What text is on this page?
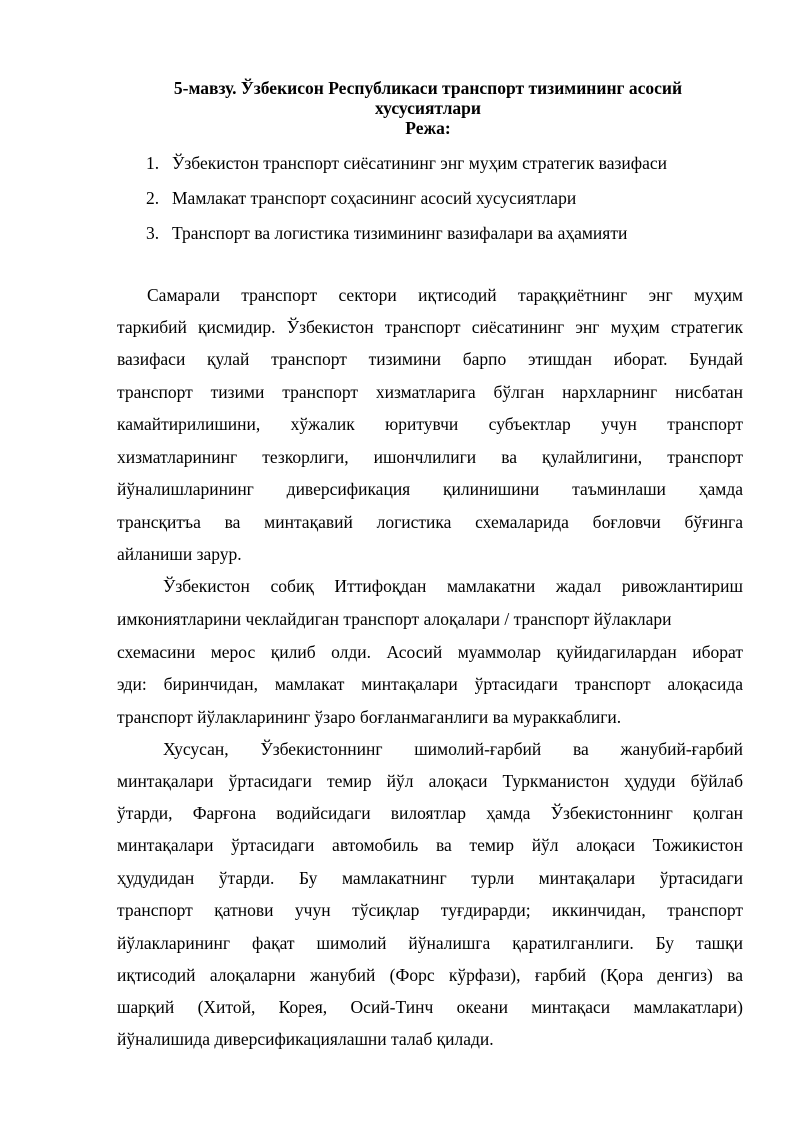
5-мавзу. Ўзбекисон Республикаси транспорт тизимининг асосий
хусусиятлари
Режа:
1. Ўзбекистон транспорт сиёсатининг энг муҳим стратегик вазифаси
2. Мамлакат транспорт соҳасининг асосий хусусиятлари
3. Транспорт ва логистика тизимининг вазифалари ва аҳамияти
Самарали транспорт сектори иқтисодий тараққиётнинг энг муҳим
таркибий қисмидир. Ўзбекистон транспорт сиёсатининг энг муҳим стратегик
вазифаси қулай транспорт тизимини барпо этишдан иборат. Бундай
транспорт тизими транспорт хизматларига бўлган нархларнинг нисбатан
камайтирилишини, хўжалик юритувчи субъектлар учун транспорт
хизматларининг тезкорлиги, ишончлилиги ва қулайлигини, транспорт
йўналишларининг диверсификация қилинишини таъминлаши ҳамда
трансқитъа ва минтақавий логистика схемаларида боғловчи бўғинга
айланиши зарур.
Ўзбекистон собиқ Иттифоқдан мамлакатни жадал ривожлантириш
имкониятларини чеклайдиган транспорт алоқалари / транспорт йўлаклари
схемасини мерос қилиб олди. Асосий муаммолар қуйидагилардан иборат
эди: биринчидан, мамлакат минтақалари ўртасидаги транспорт алоқасида
транспорт йўлакларининг ўзаро боғланмаганлиги ва мураккаблиги.
Хусусан, Ўзбекистоннинг шимолий-ғарбий ва жанубий-ғарбий
минтақалари ўртасидаги темир йўл алоқаси Туркманистон ҳудуди бўйлаб
ўтарди, Фарғона водийсидаги вилоятлар ҳамда Ўзбекистоннинг қолган
минтақалари ўртасидаги автомобиль ва темир йўл алоқаси Тожикистон
ҳудудидан ўтарди. Бу мамлакатнинг турли минтақалари ўртасидаги
транспорт қатнови учун тўсиқлар туғдирарди; иккинчидан, транспорт
йўлакларининг фақат шимолий йўналишга қаратилганлиги. Бу ташқи
иқтисодий алоқаларни жанубий (Форс кўрфази), ғарбий (Қора денгиз) ва
шарқий (Хитой, Корея, Осий-Тинч океани минтақаси мамлакатлари)
йўналишида диверсификациялашни талаб қилади.
